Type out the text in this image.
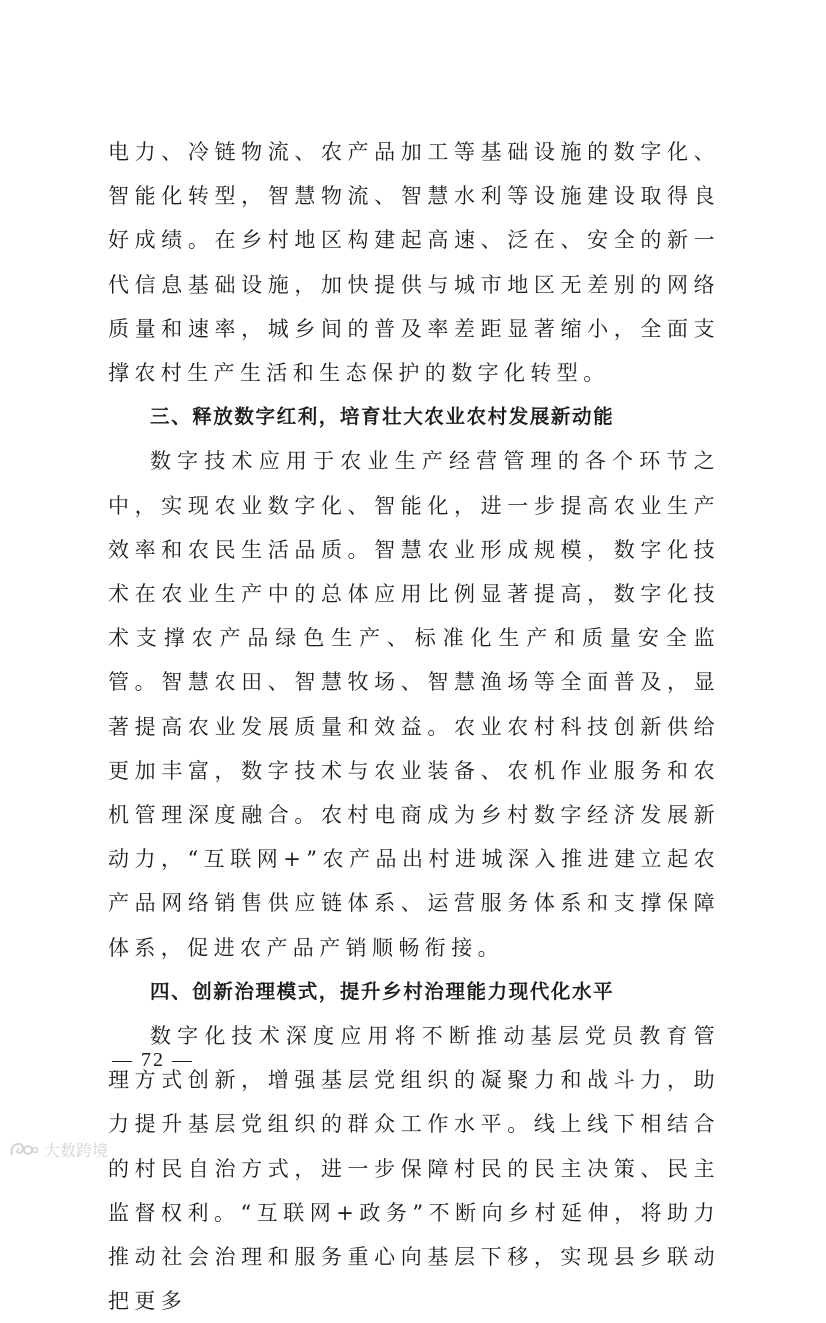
电力、冷链物流、农产品加工等基础设施的数字化、智能化转型，智慧物流、智慧水利等设施建设取得良好成绩。在乡村地区构建起高速、泛在、安全的新一代信息基础设施，加快提供与城市地区无差别的网络质量和速率，城乡间的普及率差距显著缩小，全面支撑农村生产生活和生态保护的数字化转型。

三、释放数字红利，培育壮大农业农村发展新动能

数字技术应用于农业生产经营管理的各个环节之中，实现农业数字化、智能化，进一步提高农业生产效率和农民生活品质。智慧农业形成规模，数字化技术在农业生产中的总体应用比例显著提高，数字化技术支撑农产品绿色生产、标准化生产和质量安全监管。智慧农田、智慧牧场、智慧渔场等全面普及，显著提高农业发展质量和效益。农业农村科技创新供给更加丰富，数字技术与农业装备、农机作业服务和农机管理深度融合。农村电商成为乡村数字经济发展新动力，“互联网+”农产品出村进城深入推进建立起农产品网络销售供应链体系、运营服务体系和支撑保障体系，促进农产品产销顺畅衔接。

四、创新治理模式，提升乡村治理能力现代化水平

数字化技术深度应用将不断推动基层党员教育管理方式创新，增强基层党组织的凝聚力和战斗力，助力提升基层党组织的群众工作水平。线上线下相结合的村民自治方式，进一步保障村民的民主决策、民主监督权利。“互联网+政务”不断向乡村延伸，将助力推动社会治理和服务重心向基层下移，实现县乡联动把更多

— 72 —
大数跨境
